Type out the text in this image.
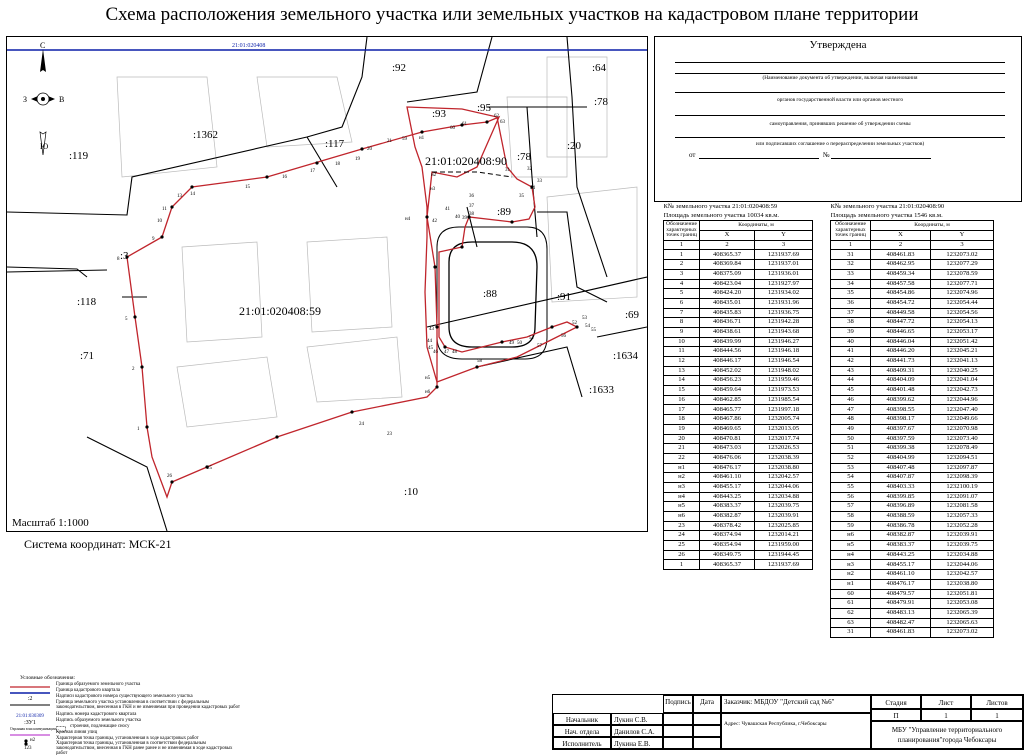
Схема расположения земельного участка или земельных участков на кадастровом плане территории
21:01:020408
С
Ю
З	В
:92	:64
:1362
:93	:95	:78
:78
:119
:117	:20
:89
:3
:88	:91
:69
:118
:71	:1634
:1633
:10
21:01:020408:59
21:01:020408:90
1
2
5
8
9
10
11
13 14
15
16
17
18
19
20
21
н1
59
60
61
62
63
31	32
33
34
35
36
37
38
39
40
41
42
н4
н3
н2
43
44
45
46 47 48
49 50
51
52
53
54
55
56
57
58
н5
н6
23
24
25
26
Масштаб 1:1000
Система координат: МСК-21
Утверждена
(Наименование документа об утверждении, включая наименования
органов государственной власти или органов местного
самоуправления, принявших решение об утверждении схемы
или подписавших соглашение о перераспределении земельных участков)
от	№
К№ земельного участка 21:01:020408:59		
Площадь земельного участка 10034 кв.м.		
Обозначение характерных точек границ	Координаты, м	
	X	Y
1	2	3
1	408365.37	1231937.69
2	408369.84	1231937.01
3	408375.09	1231936.01
4	408423.04	1231927.97
5	408424.20	1231934.02
6	408435.01	1231931.96
7	408435.83	1231936.75
8	408436.71	1231942.28
9	408438.61	1231943.68
10	408439.99	1231946.27
11	408444.56	1231946.18
12	408446.17	1231946.54
13	408452.02	1231948.02
14	408456.23	1231959.46
15	408459.64	1231973.53
16	408462.85	1231985.54
17	408465.77	1231997.18
18	408467.86	1232005.74
19	408469.65	1232013.05
20	408470.81	1232017.74
21	408473.03	1232026.53
22	408476.06	1232038.39
н1	408476.17	1232038.80
н2	408461.10	1232042.57
н3	408455.17	1232044.06
н4	408443.25	1232034.88
н5	408383.37	1232039.75
н6	408382.87	1232039.91
23	408378.42	1232025.85
24	408374.94	1232014.21
25	408354.94	1231959.00
26	408349.75	1231944.45
1	408365.37	1231937.69
К№ земельного участка 21:01:020408:90		
Площадь земельного участка 1546 кв.м.		
Обозначение характерных точек границ	Координаты, м	
	X	Y
1	2	3
31	408461.83	1232073.02
32	408462.95	1232077.29
33	408459.34	1232078.59
34	408457.58	1232077.71
35	408454.86	1232074.96
36	408454.72	1232054.44
37	408449.58	1232054.56
38	408447.72	1232054.13
39	408446.65	1232053.17
40	408446.04	1232051.42
41	408446.20	1232045.21
42	408441.73	1232041.13
43	408409.31	1232040.25
44	408404.09	1232041.04
45	408401.48	1232042.73
46	408399.62	1232044.96
47	408398.55	1232047.40
48	408398.17	1232049.66
49	408397.67	1232070.98
50	408397.59	1232073.40
51	408399.38	1232078.49
52	408404.99	1232094.51
53	408407.48	1232097.87
54	408407.87	1232098.39
55	408403.33	1232100.19
56	408399.85	1232091.07
57	408396.89	1232081.58
58	408388.59	1232057.33
59	408386.78	1232052.28
н6	408382.87	1232039.91
н5	408383.37	1232039.75
н4	408443.25	1232034.88
н3	408455.17	1232044.06
н2	408461.10	1232042.57
н1	408476.17	1232038.80
60	408479.57	1232051.81
61	408479.91	1232053.08
62	408483.13	1232065.39
63	408482.47	1232065.63
31	408461.83	1232073.02
Условные обозначения:
Граница образуемого земельного участка
Граница кадастрового квартала
:2	Надписи кадастрового номера существующего земельного участка
Граница земельного участка установленная в соответствии с федеральным законодательством, внесенная в ГКН и не изменяемая при проведении кадастровых работ
21:01:030309	Надпись номера кадастрового квартала
:ЗУ1	Надпись образуемого земельного участка
Охранная зона коммуникации	строения, подлежащие сносу
Красная линия улиц
н2	Характерная точка границы, установленная в ходе кадастровых работ
123
Характерная точка границы, установленная в соответствии федеральным законодательством, внесенная в ГКН ранее ранее и не изменяемая в ходе кадастровых работ
Подпись	Дата	Заказчик: МБДОУ "Детский сад №6"
Адрес: Чувашская Республика, г.Чебоксары
Начальник	Лукин С.В.
Нач. отдела	Данилов С.А.
Исполнитель	Лукина Е.В.
Стадия	Лист	Листов
П	1	1
МБУ "Управление территориального планирования"города Чебоксары
